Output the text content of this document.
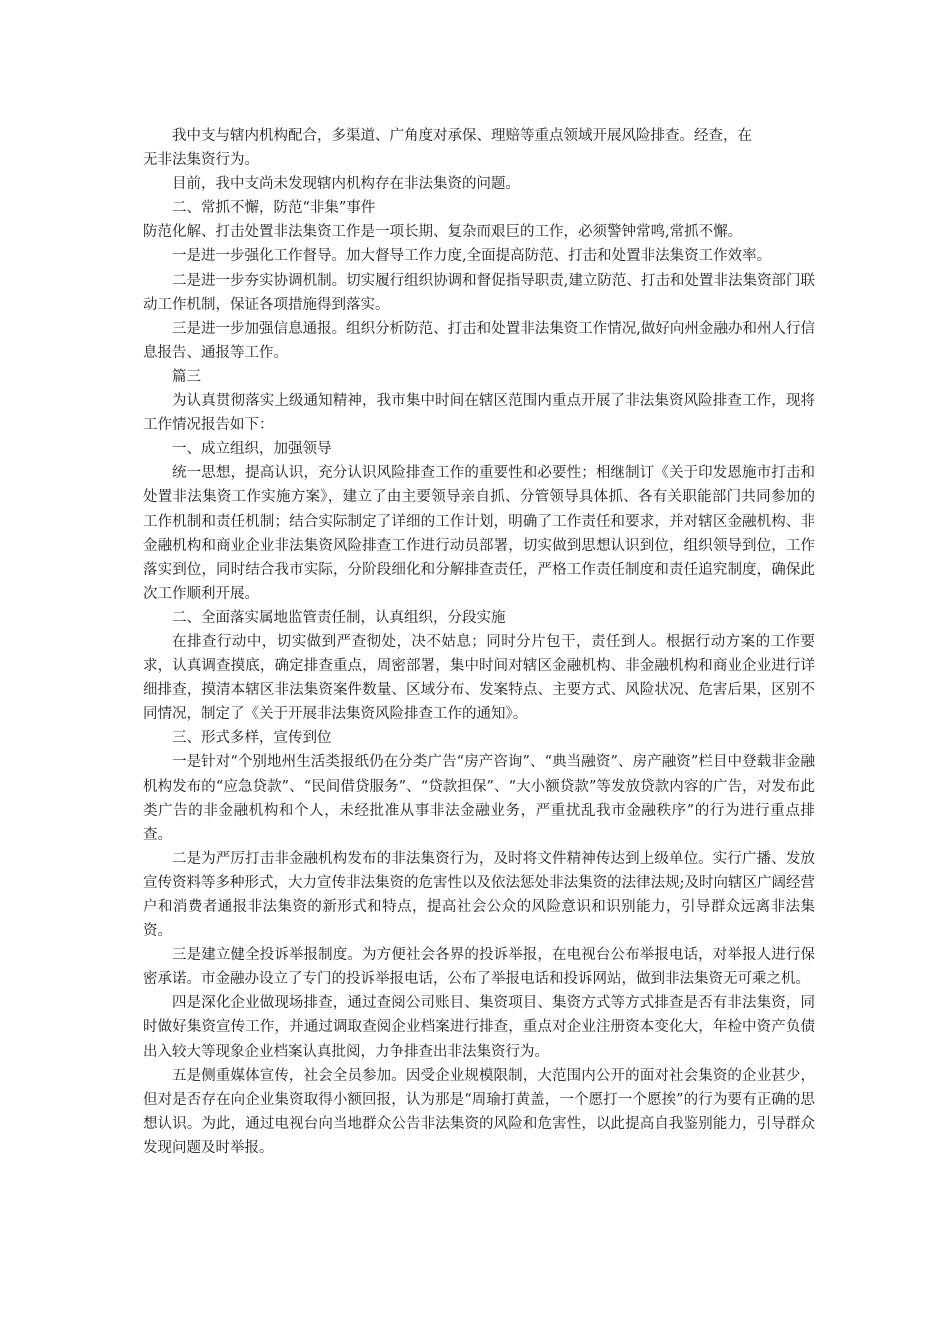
我中支与辖内机构配合，多渠道、广角度对承保、理赔等重点领域开展风险排查。经查，在

无非法集资行为。

目前，我中支尚未发现辖内机构存在非法集资的问题。

二、常抓不懈，防范“非集”事件

防范化解、打击处置非法集资工作是一项长期、复杂而艰巨的工作，必须警钟常鸣,常抓不懈。

一是进一步强化工作督导。加大督导工作力度,全面提高防范、打击和处置非法集资工作效率。

二是进一步夯实协调机制。切实履行组织协调和督促指导职责,建立防范、打击和处置非法集资部门联动工作机制，保证各项措施得到落实。

三是进一步加强信息通报。组织分析防范、打击和处置非法集资工作情况,做好向州金融办和州人行信息报告、通报等工作。

篇三

为认真贯彻落实上级通知精神，我市集中时间在辖区范围内重点开展了非法集资风险排查工作，现将工作情况报告如下：

一、成立组织，加强领导

统一思想，提高认识，充分认识风险排查工作的重要性和必要性；相继制订《关于印发恩施市打击和处置非法集资工作实施方案》，建立了由主要领导亲自抓、分管领导具体抓、各有关职能部门共同参加的工作机制和责任机制；结合实际制定了详细的工作计划，明确了工作责任和要求，并对辖区金融机构、非金融机构和商业企业非法集资风险排查工作进行动员部署，切实做到思想认识到位，组织领导到位，工作落实到位，同时结合我市实际，分阶段细化和分解排查责任，严格工作责任制度和责任追究制度，确保此次工作顺利开展。

二、全面落实属地监管责任制，认真组织，分段实施

在排查行动中，切实做到严查彻处，决不姑息；同时分片包干，责任到人。根据行动方案的工作要求，认真调查摸底，确定排查重点，周密部署，集中时间对辖区金融机构、非金融机构和商业企业进行详细排查，摸清本辖区非法集资案件数量、区域分布、发案特点、主要方式、风险状况、危害后果，区别不同情况，制定了《关于开展非法集资风险排查工作的通知》。

三、形式多样，宣传到位

一是针对“个别地州生活类报纸仍在分类广告“房产咨询”、“典当融资”、房产融资”栏目中登载非金融机构发布的“应急贷款”、“民间借贷服务”、“贷款担保”、“大小额贷款”等发放贷款内容的广告，对发布此类广告的非金融机构和个人，未经批准从事非法金融业务，严重扰乱我市金融秩序”的行为进行重点排查。

二是为严厉打击非金融机构发布的非法集资行为，及时将文件精神传达到上级单位。实行广播、发放宣传资料等多种形式，大力宣传非法集资的危害性以及依法惩处非法集资的法律法规;及时向辖区广阔经营户和消费者通报非法集资的新形式和特点，提高社会公众的风险意识和识别能力，引导群众远离非法集资。

三是建立健全投诉举报制度。为方便社会各界的投诉举报，在电视台公布举报电话，对举报人进行保密承诺。市金融办设立了专门的投诉举报电话，公布了举报电话和投诉网站，做到非法集资无可乘之机。

四是深化企业做现场排查，通过查阅公司账目、集资项目、集资方式等方式排查是否有非法集资，同时做好集资宣传工作，并通过调取查阅企业档案进行排查，重点对企业注册资本变化大，年检中资产负债出入较大等现象企业档案认真批阅，力争排查出非法集资行为。

五是侧重媒体宣传，社会全员参加。因受企业规模限制，大范围内公开的面对社会集资的企业甚少，但对是否存在向企业集资取得小额回报，认为那是“周瑜打黄盖，一个愿打一个愿挨”的行为要有正确的思想认识。为此，通过电视台向当地群众公告非法集资的风险和危害性，以此提高自我鉴别能力，引导群众发现问题及时举报。
